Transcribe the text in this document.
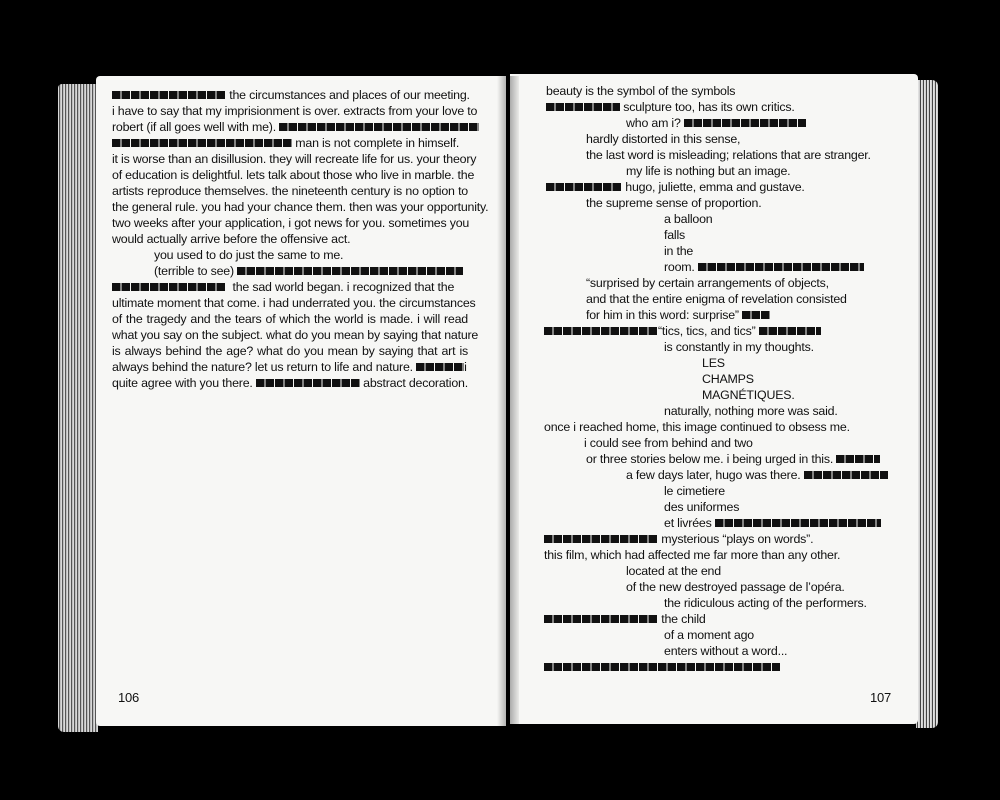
the circumstances and places of our meeting.
i have to say that my imprisionment is over. extracts from your love to
robert (if all goes well with me).
man is not complete in himself.
it is worse than an disillusion. they will recreate life for us. your theory
of education is delightful. lets talk about those who live in marble. the
artists reproduce themselves. the nineteenth century is no option to
the general rule. you had your chance them. then was your opportunity.
two weeks after your application, i got news for you. sometimes you
would actually arrive before the offensive act.
you used to do just the same to me.
(terrible to see)
the sad world began. i recognized that the
ultimate moment that come. i had underrated you. the circumstances
of the tragedy and the tears of which the world is made. i will read
what you say on the subject. what do you mean by saying that nature
is always behind the age? what do you mean by saying that art is
always behind the nature? let us return to life and nature.	i
quite agree with you there.	abstract decoration.
106
beauty is the symbol of the symbols
sculpture too, has its own critics.
who am i?
hardly distorted in this sense,
the last word is misleading; relations that are stranger.
my life is nothing but an image.
hugo, juliette, emma and gustave.
the supreme sense of proportion.
a balloon
falls
in the
room.
“surprised by certain arrangements of objects,
and that the entire enigma of revelation consisted
for him in this word: surprise”
“tics, tics, and tics”
is constantly in my thoughts.
LES
CHAMPS
MAGNÉTIQUES.
naturally, nothing more was said.
once i reached home, this image continued to obsess me.
i could see from behind and two
or three stories below me. i being urged in this.
a few days later, hugo was there.
le cimetiere
des uniformes
et livrées
mysterious “plays on words”.
this film, which had affected me far more than any other.
located at the end
of the new destroyed passage de l’opéra.
the ridiculous acting of the performers.
the child
of a moment ago
enters without a word...
107
